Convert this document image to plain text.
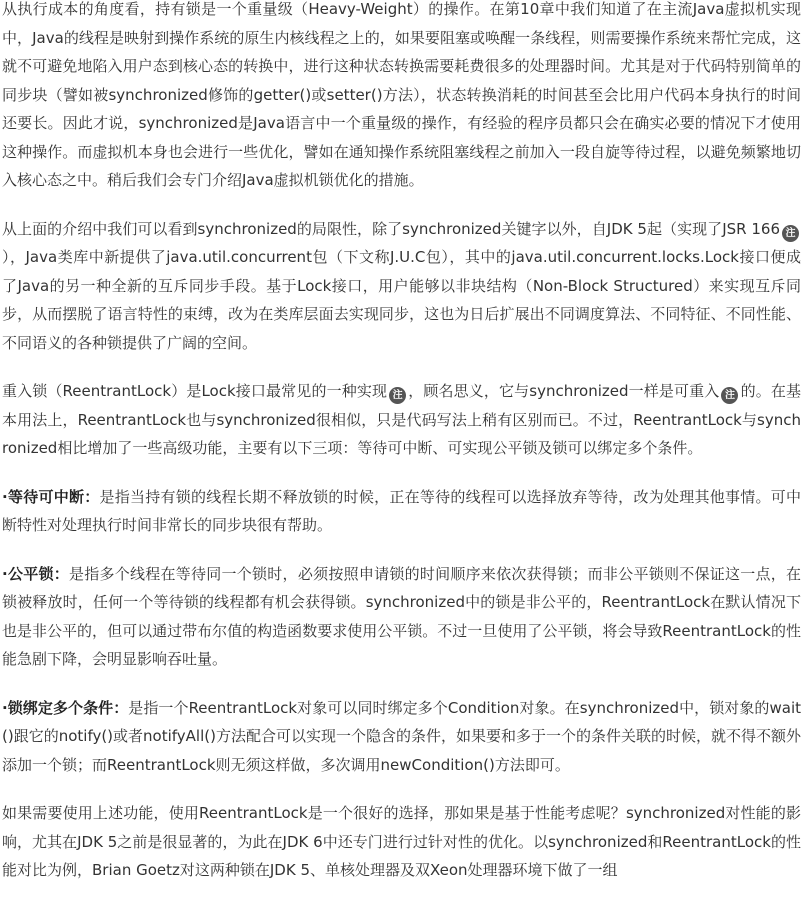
从执行成本的角度看，持有锁是一个重量级（Heavy-Weight）的操作。在第10章中我们知道了在主流Java虚拟机实现中，Java的线程是映射到操作系统的原生内核线程之上的，如果要阻塞或唤醒一条线程，则需要操作系统来帮忙完成，这就不可避免地陷入用户态到核心态的转换中，进行这种状态转换需要耗费很多的处理器时间。尤其是对于代码特别简单的同步块（譬如被synchronized修饰的getter()或setter()方法），状态转换消耗的时间甚至会比用户代码本身执行的时间还要长。因此才说，synchronized是Java语言中一个重量级的操作，有经验的程序员都只会在确实必要的情况下才使用这种操作。而虚拟机本身也会进行一些优化，譬如在通知操作系统阻塞线程之前加入一段自旋等待过程，以避免频繁地切入核心态之中。稍后我们会专门介绍Java虚拟机锁优化的措施。

从上面的介绍中我们可以看到synchronized的局限性，除了synchronized关键字以外，自JDK 5起（实现了JSR 166 注），Java类库中新提供了java.util.concurrent包（下文称J.U.C包），其中的java.util.concurrent.locks.Lock接口便成了Java的另一种全新的互斥同步手段。基于Lock接口，用户能够以非块结构（Non-Block Structured）来实现互斥同步，从而摆脱了语言特性的束缚，改为在类库层面去实现同步，这也为日后扩展出不同调度算法、不同特征、不同性能、不同语义的各种锁提供了广阔的空间。

重入锁（ReentrantLock）是Lock接口最常见的一种实现 注 ，顾名思义，它与synchronized一样是可重入 注 的。在基本用法上，ReentrantLock也与synchronized很相似，只是代码写法上稍有区别而已。不过，ReentrantLock与synchronized相比增加了一些高级功能，主要有以下三项：等待可中断、可实现公平锁及锁可以绑定多个条件。

·等待可中断：是指当持有锁的线程长期不释放锁的时候，正在等待的线程可以选择放弃等待，改为处理其他事情。可中断特性对处理执行时间非常长的同步块很有帮助。

·公平锁：是指多个线程在等待同一个锁时，必须按照申请锁的时间顺序来依次获得锁；而非公平锁则不保证这一点，在锁被释放时，任何一个等待锁的线程都有机会获得锁。synchronized中的锁是非公平的，ReentrantLock在默认情况下也是非公平的，但可以通过带布尔值的构造函数要求使用公平锁。不过一旦使用了公平锁，将会导致ReentrantLock的性能急剧下降，会明显影响吞吐量。

·锁绑定多个条件：是指一个ReentrantLock对象可以同时绑定多个Condition对象。在synchronized中，锁对象的wait()跟它的notify()或者notifyAll()方法配合可以实现一个隐含的条件，如果要和多于一个的条件关联的时候，就不得不额外添加一个锁；而ReentrantLock则无须这样做，多次调用newCondition()方法即可。

如果需要使用上述功能，使用ReentrantLock是一个很好的选择，那如果是基于性能考虑呢？synchronized对性能的影响，尤其在JDK 5之前是很显著的，为此在JDK 6中还专门进行过针对性的优化。以synchronized和ReentrantLock的性能对比为例，Brian Goetz对这两种锁在JDK 5、单核处理器及双Xeon处理器环境下做了一组
